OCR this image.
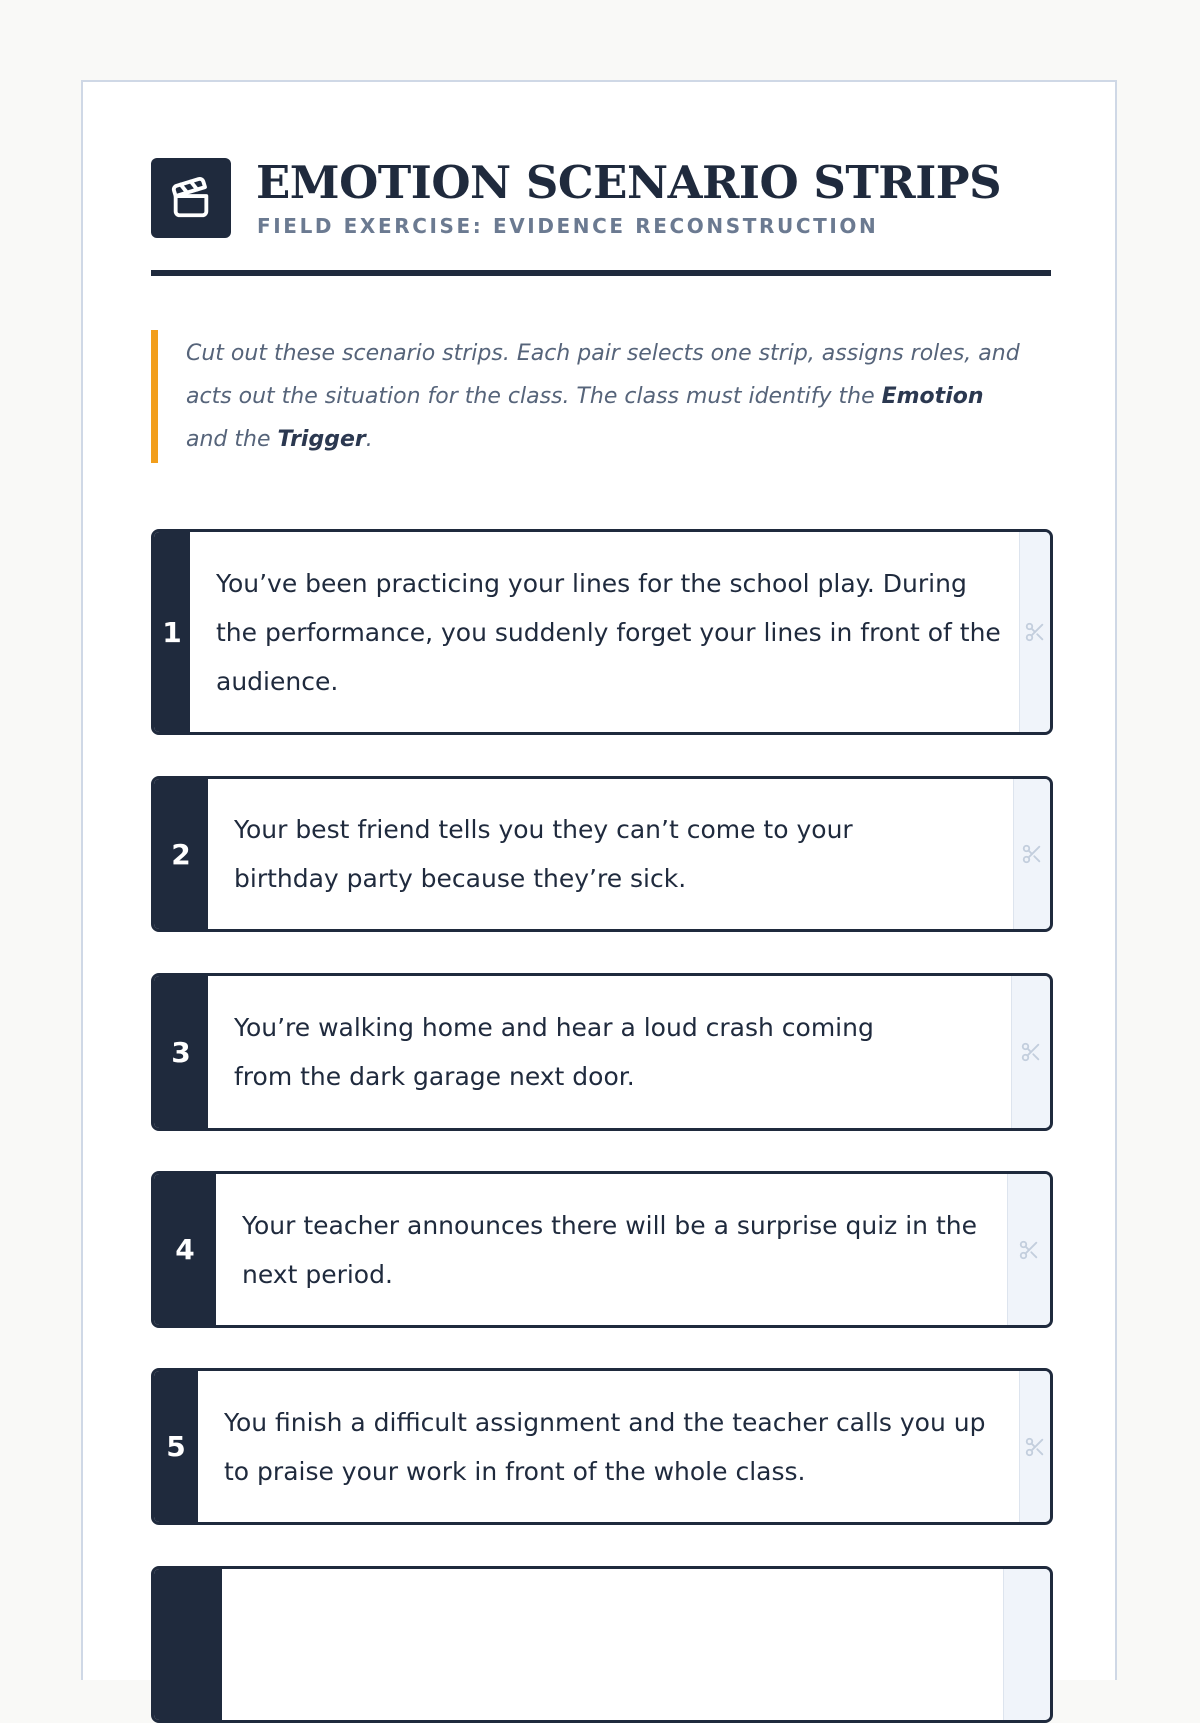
EMOTION SCENARIO STRIPS
FIELD EXERCISE: EVIDENCE RECONSTRUCTION
Cut out these scenario strips. Each pair selects one strip, assigns roles, and acts out the situation for the class. The class must identify the Emotion and the Trigger.
1
You’ve been practicing your lines for the school play. During the performance, you suddenly forget your lines in front of the audience.
2
Your best friend tells you they can’t come to your birthday party because they’re sick.
3
You’re walking home and hear a loud crash coming from the dark garage next door.
4
Your teacher announces there will be a surprise quiz in the next period.
5
You finish a difficult assignment and the teacher calls you up to praise your work in front of the whole class.
